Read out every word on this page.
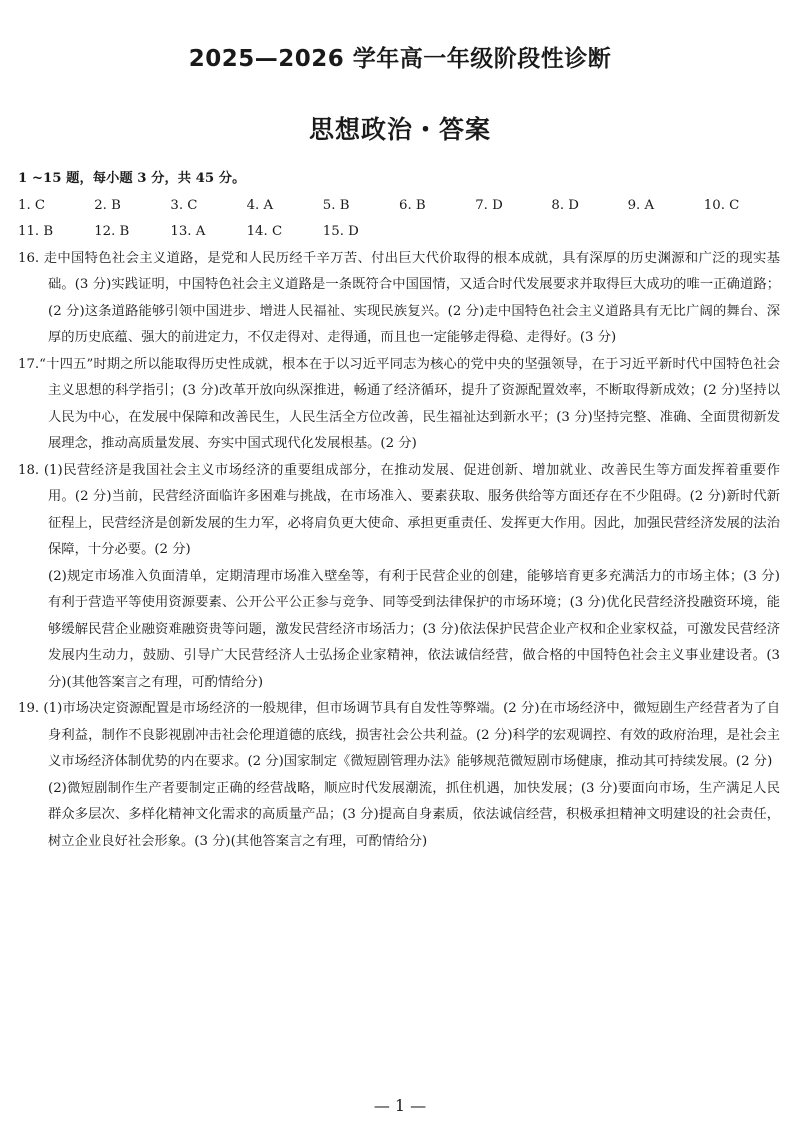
2025—2026 学年高一年级阶段性诊断
思想政治・答案

1 ~15 题，每小题 3 分，共 45 分。

1. C	2. B	3. C	4. A	5. B	6. B	7. D	8. D	9. A	10. C
11. B	12. B	13. A	14. C	15. D

16. 走中国特色社会主义道路，是党和人民历经千辛万苦、付出巨大代价取得的根本成就，具有深厚的历史渊源和广泛的现实基础。(3 分)实践证明，中国特色社会主义道路是一条既符合中国国情，又适合时代发展要求并取得巨大成功的唯一正确道路；(2 分)这条道路能够引领中国进步、增进人民福祉、实现民族复兴。(2 分)走中国特色社会主义道路具有无比广阔的舞台、深厚的历史底蕴、强大的前进定力，不仅走得对、走得通，而且也一定能够走得稳、走得好。(3 分)

17.“十四五”时期之所以能取得历史性成就，根本在于以习近平同志为核心的党中央的坚强领导，在于习近平新时代中国特色社会主义思想的科学指引；(3 分)改革开放向纵深推进，畅通了经济循环，提升了资源配置效率，不断取得新成效；(2 分)坚持以人民为中心，在发展中保障和改善民生，人民生活全方位改善，民生福祉达到新水平；(3 分)坚持完整、准确、全面贯彻新发展理念，推动高质量发展、夯实中国式现代化发展根基。(2 分)

18. (1)民营经济是我国社会主义市场经济的重要组成部分，在推动发展、促进创新、增加就业、改善民生等方面发挥着重要作用。(2 分)当前，民营经济面临许多困难与挑战，在市场准入、要素获取、服务供给等方面还存在不少阻碍。(2 分)新时代新征程上，民营经济是创新发展的生力军，必将肩负更大使命、承担更重责任、发挥更大作用。因此，加强民营经济发展的法治保障，十分必要。(2 分)

(2)规定市场准入负面清单，定期清理市场准入壁垒等，有利于民营企业的创建，能够培育更多充满活力的市场主体；(3 分)有利于营造平等使用资源要素、公开公平公正参与竞争、同等受到法律保护的市场环境；(3 分)优化民营经济投融资环境，能够缓解民营企业融资难融资贵等问题，激发民营经济市场活力；(3 分)依法保护民营企业产权和企业家权益，可激发民营经济发展内生动力，鼓励、引导广大民营经济人士弘扬企业家精神，依法诚信经营，做合格的中国特色社会主义事业建设者。(3 分)(其他答案言之有理，可酌情给分)

19. (1)市场决定资源配置是市场经济的一般规律，但市场调节具有自发性等弊端。(2 分)在市场经济中，微短剧生产经营者为了自身利益，制作不良影视剧冲击社会伦理道德的底线，损害社会公共利益。(2 分)科学的宏观调控、有效的政府治理，是社会主义市场经济体制优势的内在要求。(2 分)国家制定《微短剧管理办法》能够规范微短剧市场健康，推动其可持续发展。(2 分)

(2)微短剧制作生产者要制定正确的经营战略，顺应时代发展潮流，抓住机遇，加快发展；(3 分)要面向市场，生产满足人民群众多层次、多样化精神文化需求的高质量产品；(3 分)提高自身素质，依法诚信经营，积极承担精神文明建设的社会责任，树立企业良好社会形象。(3 分)(其他答案言之有理，可酌情给分)

— 1 —
